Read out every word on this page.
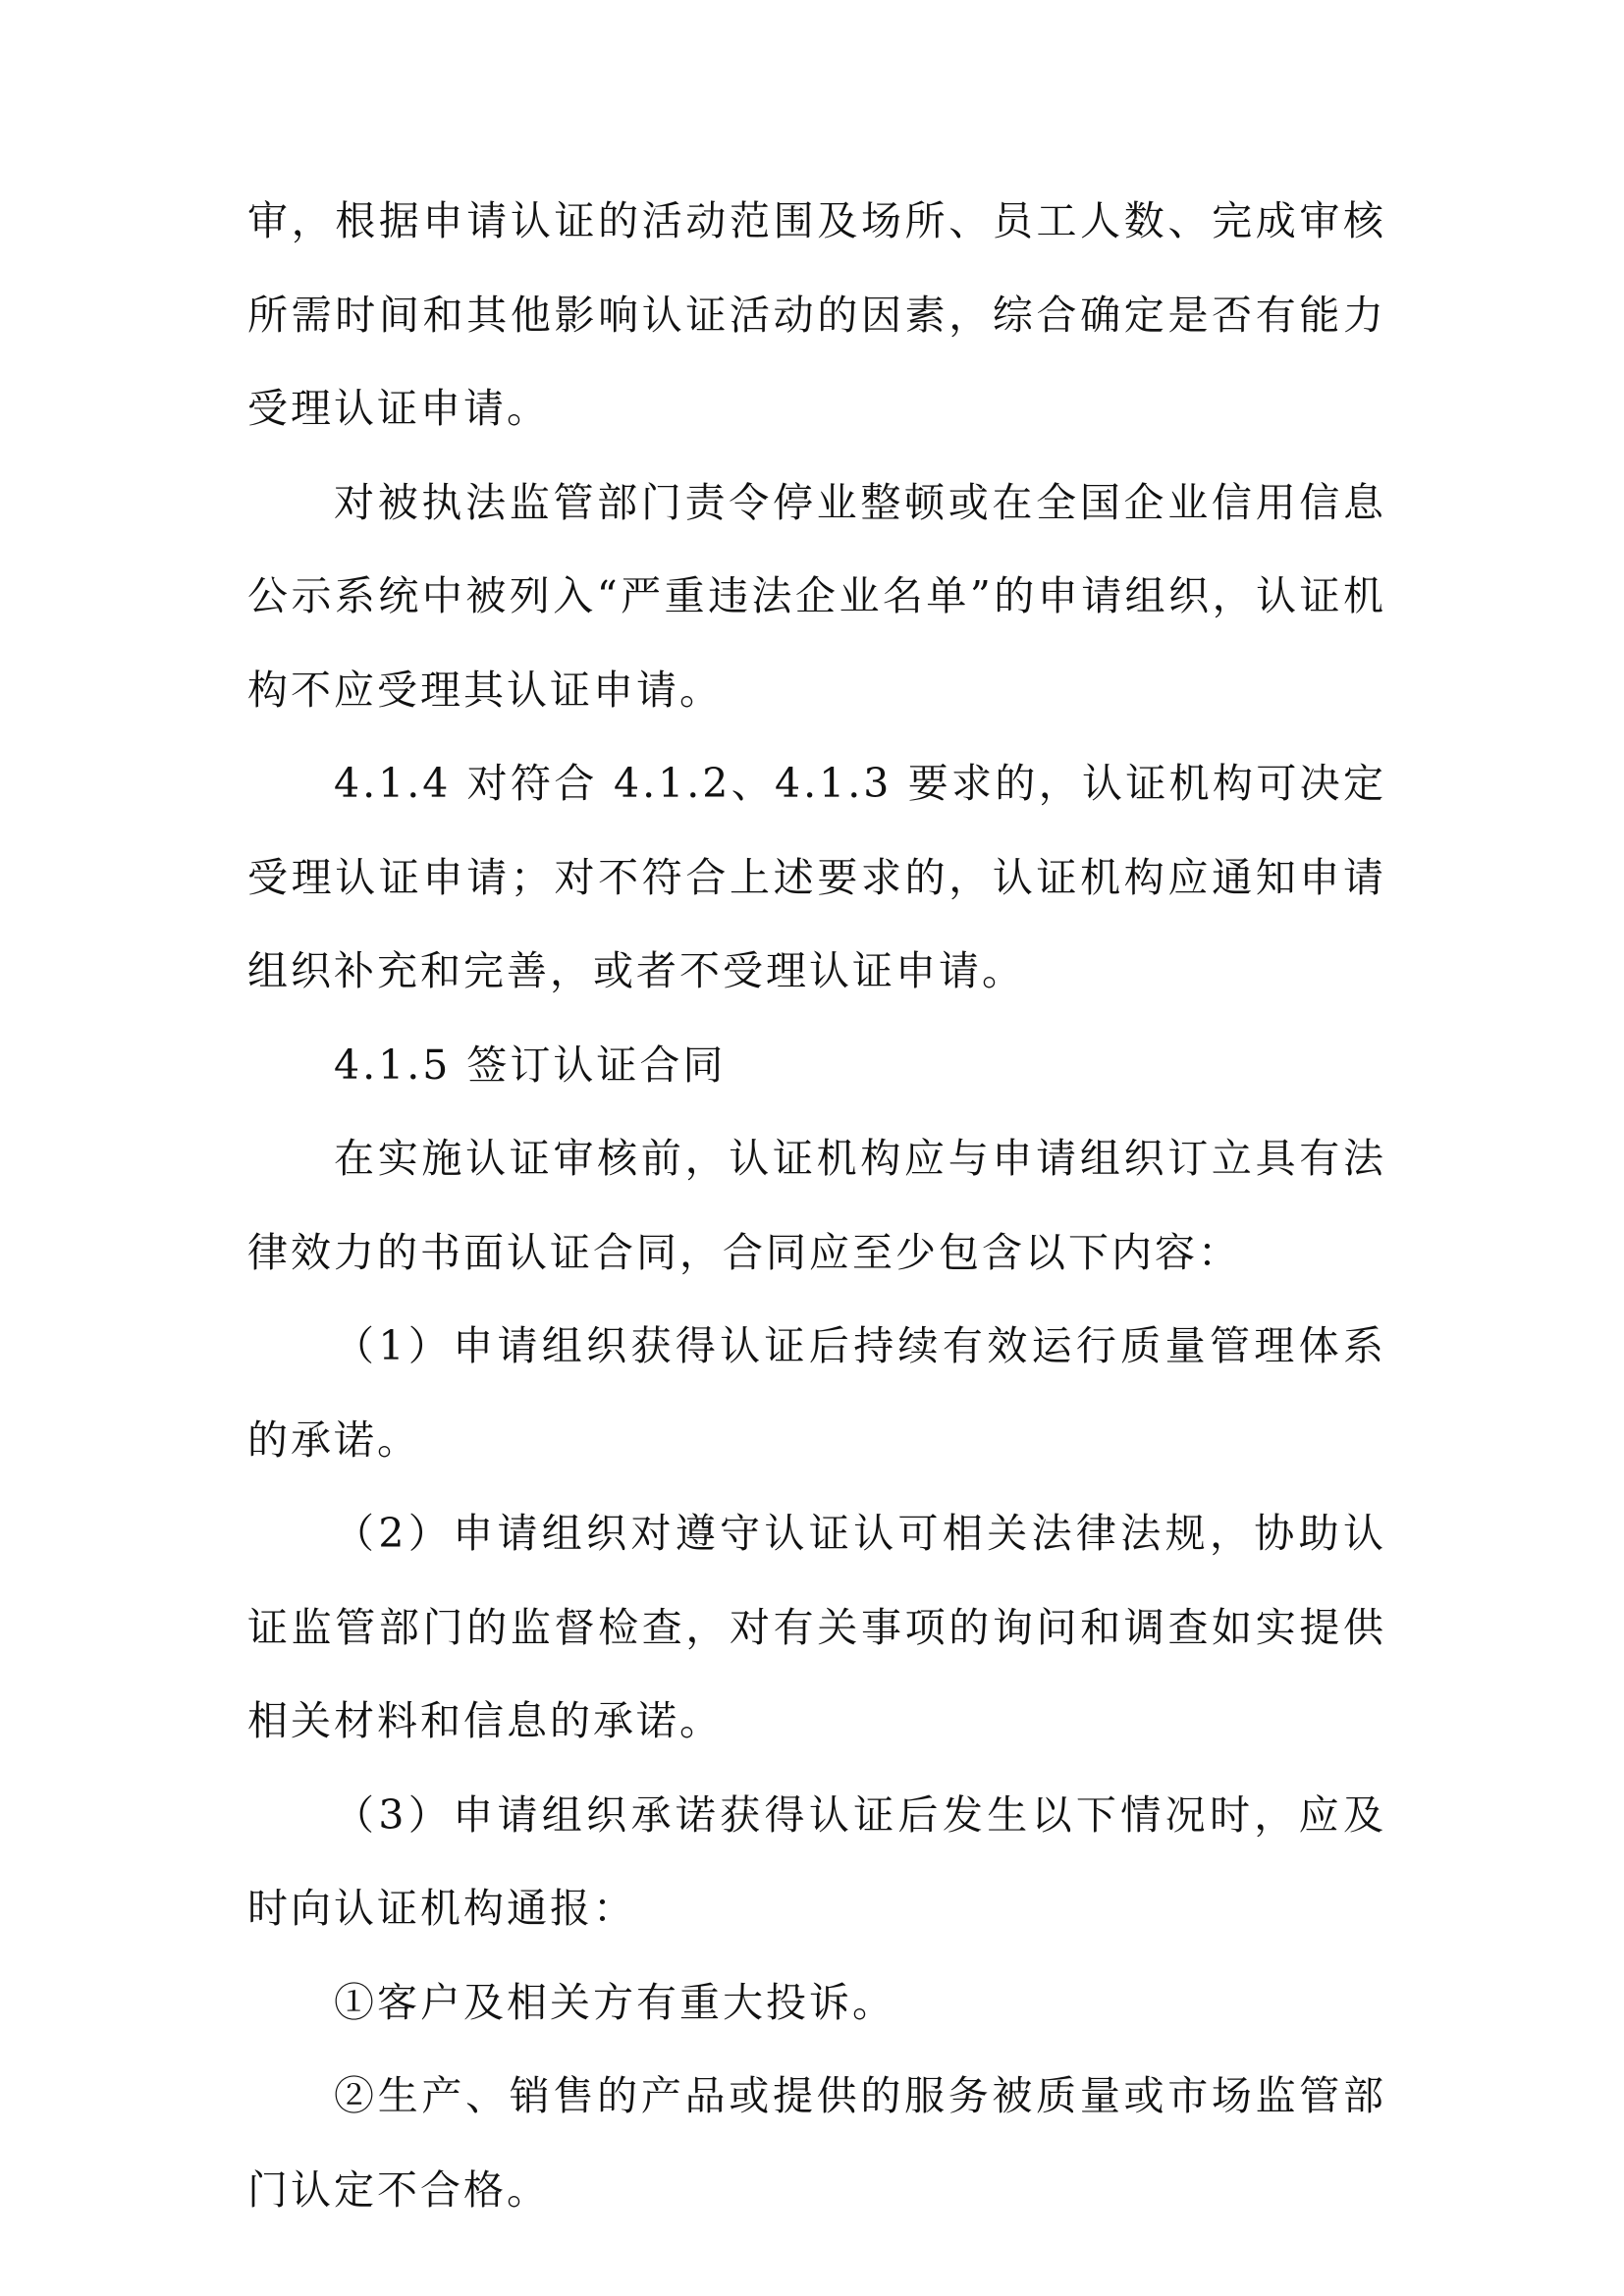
审，根据申请认证的活动范围及场所、员工人数、完成审核所需时间和其他影响认证活动的因素，综合确定是否有能力受理认证申请。

对被执法监管部门责令停业整顿或在全国企业信用信息公示系统中被列入“严重违法企业名单”的申请组织，认证机构不应受理其认证申请。

4.1.4 对符合 4.1.2、4.1.3 要求的，认证机构可决定受理认证申请；对不符合上述要求的，认证机构应通知申请组织补充和完善，或者不受理认证申请。

4.1.5 签订认证合同

在实施认证审核前，认证机构应与申请组织订立具有法律效力的书面认证合同，合同应至少包含以下内容：

（1）申请组织获得认证后持续有效运行质量管理体系的承诺。

（2）申请组织对遵守认证认可相关法律法规，协助认证监管部门的监督检查，对有关事项的询问和调查如实提供相关材料和信息的承诺。

（3）申请组织承诺获得认证后发生以下情况时，应及时向认证机构通报：

①客户及相关方有重大投诉。

②生产、销售的产品或提供的服务被质量或市场监管部门认定不合格。
